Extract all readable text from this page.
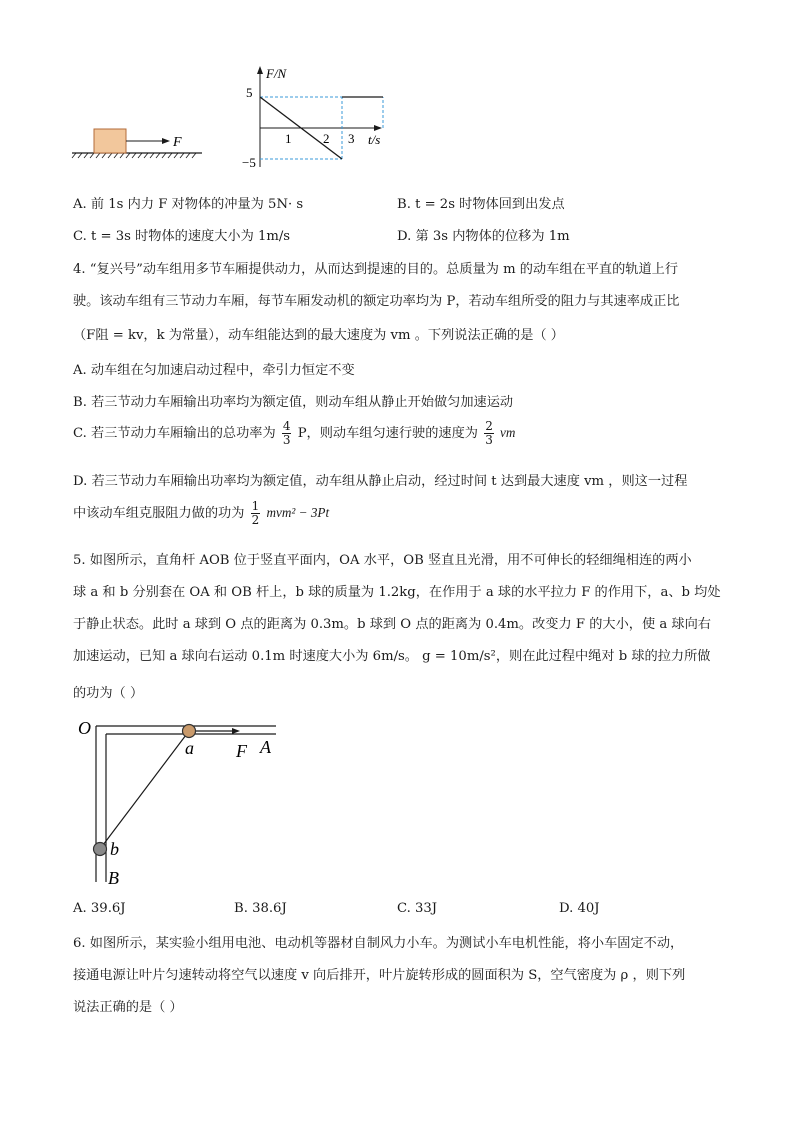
F
F/N
t/s
5
−5
1 2 3
A. 前 1s 内力 F 对物体的冲量为 5N· s	B. t = 2s 时物体回到出发点
C. t = 3s 时物体的速度大小为 1m/s	D. 第 3s 内物体的位移为 1m
4. “复兴号”动车组用多节车厢提供动力，从而达到提速的目的。总质量为 m 的动车组在平直的轨道上行
驶。该动车组有三节动力车厢，每节车厢发动机的额定功率均为 P，若动车组所受的阻力与其速率成正比
（F阻 = kv，k 为常量），动车组能达到的最大速度为 vm 。下列说法正确的是（ ）
A. 动车组在匀加速启动过程中，牵引力恒定不变
B. 若三节动力车厢输出功率均为额定值，则动车组从静止开始做匀加速运动
C. 若三节动力车厢输出的总功率为 $\frac{4}{3}$ P，则动车组匀速行驶的速度为 $\frac{2}{3}$ vm
D. 若三节动力车厢输出功率均为额定值，动车组从静止启动，经过时间 t 达到最大速度 vm ，则这一过程
中该动车组克服阻力做的功为 $\frac{1}{2} mvm^2 - 3Pt$
5. 如图所示，直角杆 AOB 位于竖直平面内，OA 水平，OB 竖直且光滑，用不可伸长的轻细绳相连的两小
球 a 和 b 分别套在 OA 和 OB 杆上，b 球的质量为 1.2kg，在作用于 a 球的水平拉力 F 的作用下，a、b 均处
于静止状态。此时 a 球到 O 点的距离为 0.3m。b 球到 O 点的距离为 0.4m。改变力 F 的大小，使 a 球向右
加速运动，已知 a 球向右运动 0.1m 时速度大小为 6m/s。 g = 10m/s²，则在此过程中绳对 b 球的拉力所做
的功为（ ）
O
A
a F
b
B
A. 39.6J	B. 38.6J	C. 33J	D. 40J
6. 如图所示，某实验小组用电池、电动机等器材自制风力小车。为测试小车电机性能，将小车固定不动，
接通电源让叶片匀速转动将空气以速度 v 向后排开，叶片旋转形成的圆面积为 S，空气密度为 ρ ，则下列
说法正确的是（ ）
